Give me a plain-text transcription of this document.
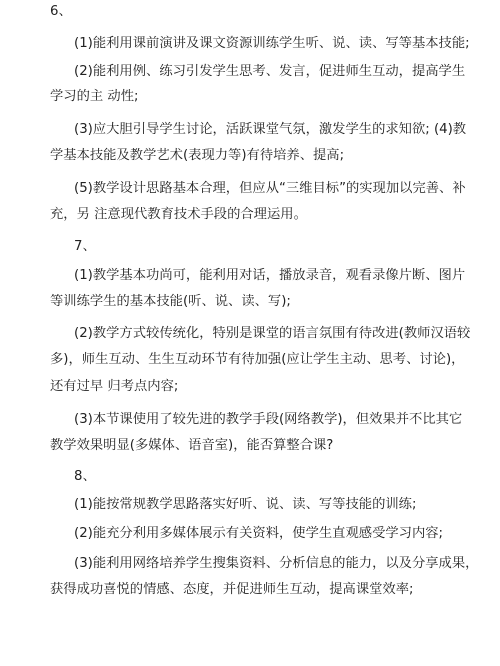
6、
(1)能利用课前演讲及课文资源训练学生听、说、读、写等基本技能;
(2)能利用例、练习引发学生思考、发言，促进师生互动，提高学生
学习的主 动性;
(3)应大胆引导学生讨论，活跃课堂气氛，激发学生的求知欲; (4)教
学基本技能及教学艺术(表现力等)有待培养、提高;
(5)教学设计思路基本合理，但应从“三维目标”的实现加以完善、补
充，另 注意现代教育技术手段的合理运用。
7、
(1)教学基本功尚可，能利用对话，播放录音，观看录像片断、图片
等训练学生的基本技能(听、说、读、写);
(2)教学方式较传统化，特别是课堂的语言氛围有待改进(教师汉语较
多)，师生互动、生生互动环节有待加强(应让学生主动、思考、讨论)，
还有过早 归考点内容;
(3)本节课使用了较先进的教学手段(网络教学)，但效果并不比其它
教学效果明显(多媒体、语音室)，能否算整合课?
8、
(1)能按常规教学思路落实好听、说、读、写等技能的训练;
(2)能充分利用多媒体展示有关资料，使学生直观感受学习内容;
(3)能利用网络培养学生搜集资料、分析信息的能力，以及分享成果，
获得成功喜悦的情感、态度，并促进师生互动，提高课堂效率;
